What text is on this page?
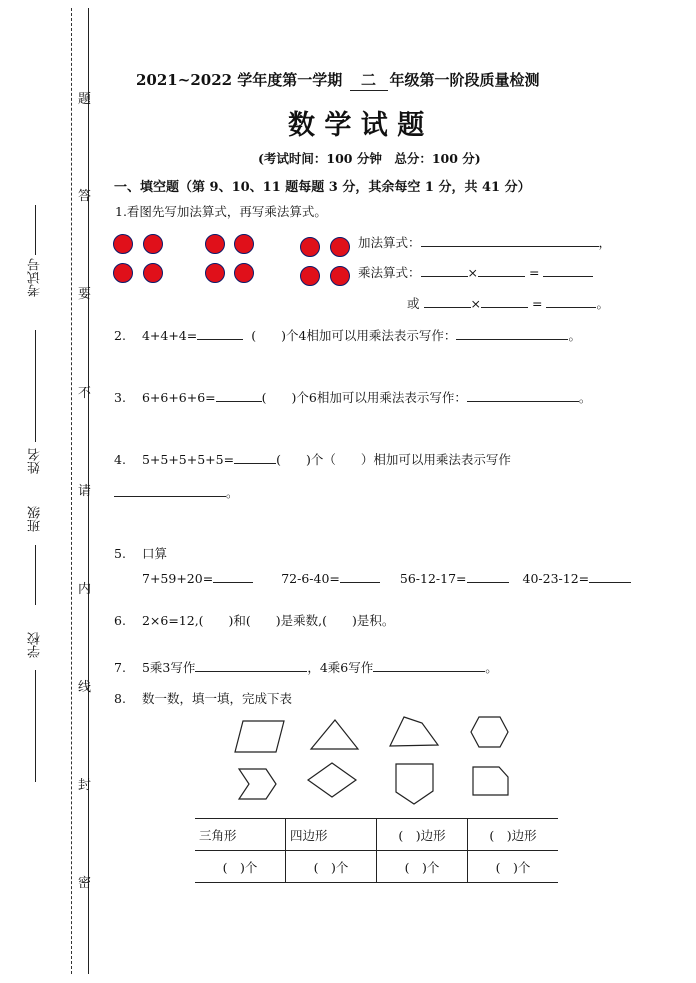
题
答
要
不
请
内
线
封
密
考试号
姓名
班级
学校
2021~2022 学年度第一学期 二 年级第一阶段质量检测
数 学 试 题
(考试时间：100 分钟　总分：100 分)
一、填空题（第 9、10、11 题每题 3 分，其余每空 1 分，共 41 分）
1.看图先写加法算式，再写乘法算式。
加法算式：	，
乘法算式：	×	=
或	×	=	。
2. 4+4+4=	(　　)个4相加可以用乘法表示写作：	。
3. 6+6+6+6=	(　　)个6相加可以用乘法表示写作：	。
4. 5+5+5+5+5=	(　　)个（　　）相加可以用乘法表示写作
。
5. 口算
7+59+20=	72-6-40=	56-12-17=	40-23-12=
6. 2×6=12,(　　)和(　　)是乘数,(　　)是积。
7. 5乘3写作	，4乘6写作	。
8. 数一数，填一填，完成下表
三角形	四边形	(　)边形	(　)边形
(　)个	(　)个	(　)个	(　)个
